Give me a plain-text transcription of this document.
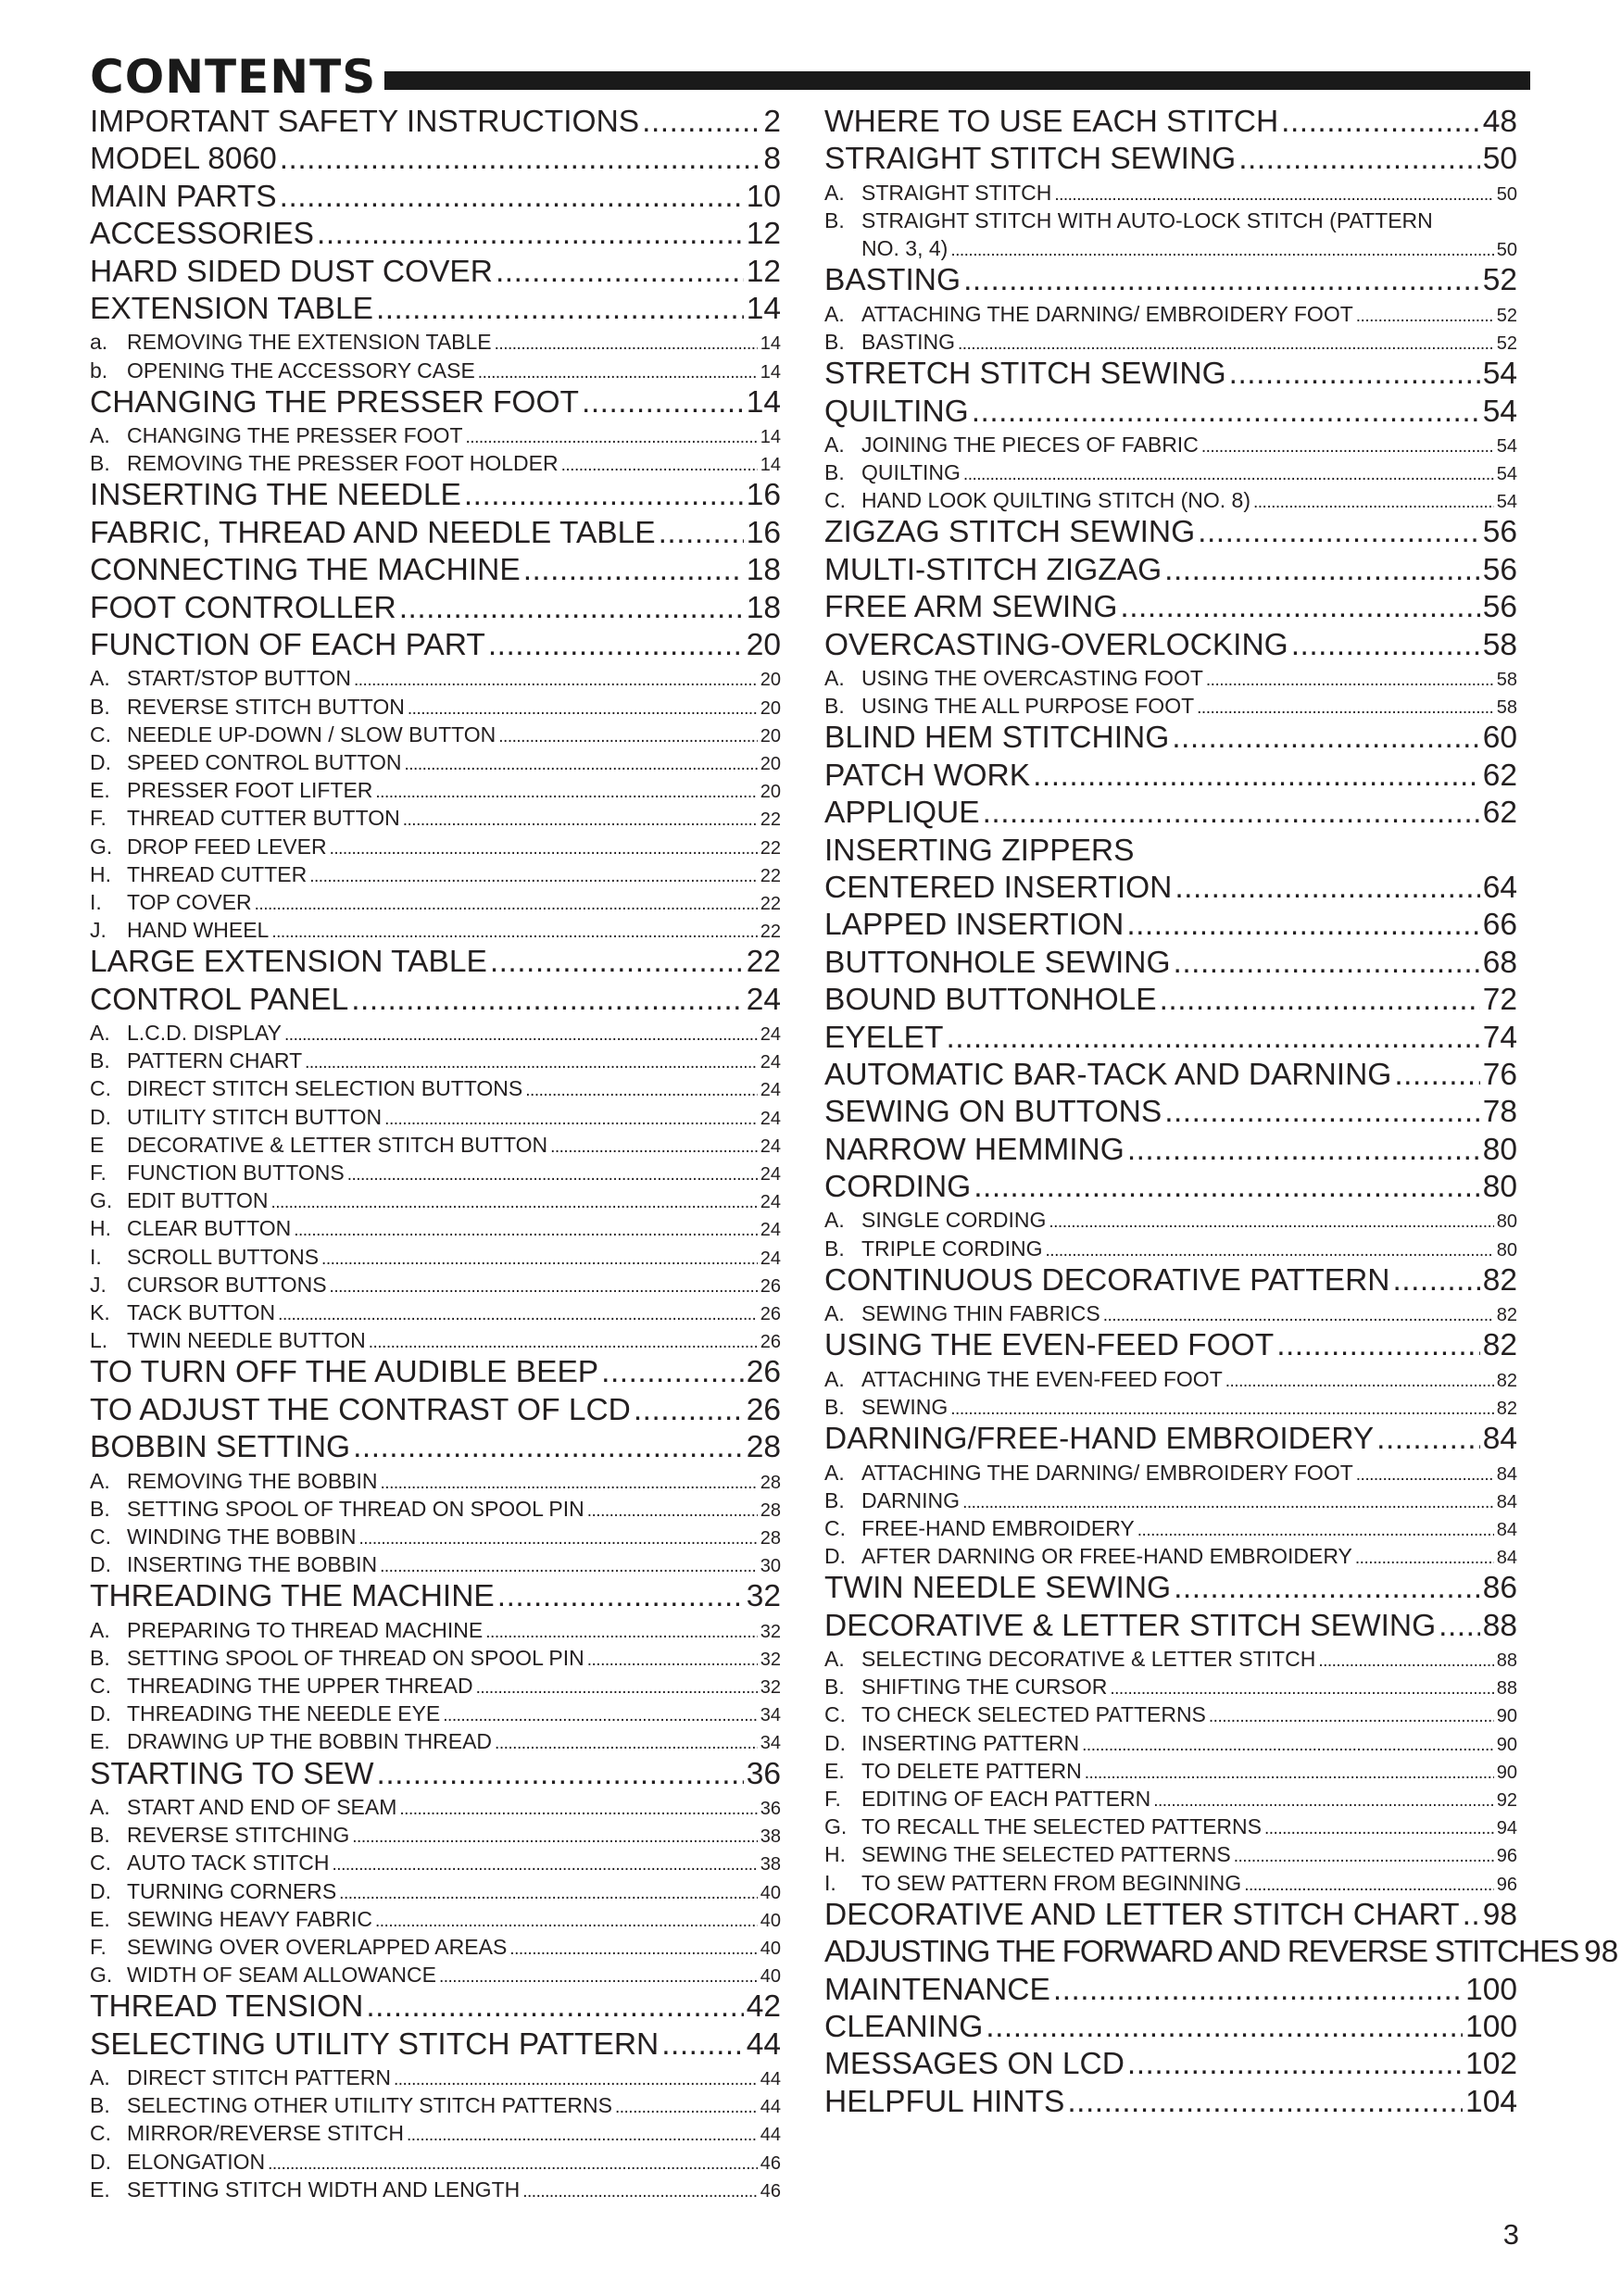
CONTENTS
IMPORTANT SAFETY INSTRUCTIONS .....	2
MODEL 8060 .....	8
MAIN PARTS .....	10
ACCESSORIES .....	12
HARD SIDED DUST COVER .....	12
EXTENSION TABLE .....	14
a. REMOVING THE EXTENSION TABLE .....	14
b. OPENING THE ACCESSORY CASE .....	14
CHANGING THE PRESSER FOOT .....	14
A. CHANGING THE PRESSER FOOT .....	14
B. REMOVING THE PRESSER FOOT HOLDER .....	14
INSERTING THE NEEDLE .....	16
FABRIC, THREAD AND NEEDLE TABLE .....	16
CONNECTING THE MACHINE .....	18
FOOT CONTROLLER .....	18
FUNCTION OF EACH PART .....	20
A. START/STOP BUTTON .....	20
B. REVERSE STITCH BUTTON .....	20
C. NEEDLE UP-DOWN / SLOW BUTTON .....	20
D. SPEED CONTROL BUTTON .....	20
E. PRESSER FOOT LIFTER .....	20
F. THREAD CUTTER BUTTON .....	22
G. DROP FEED LEVER .....	22
H. THREAD CUTTER .....	22
I.	TOP COVER .....	22
J. HAND WHEEL .....	22
LARGE EXTENSION TABLE .....	22
CONTROL PANEL .....	24
A. L.C.D. DISPLAY .....	24
B. PATTERN CHART .....	24
C. DIRECT STITCH SELECTION BUTTONS .....	24
D. UTILITY STITCH BUTTON .....	24
E	DECORATIVE & LETTER STITCH BUTTON .....	24
F. FUNCTION BUTTONS .....	24
G. EDIT BUTTON .....	24
H. CLEAR BUTTON .....	24
I.	SCROLL BUTTONS .....	24
J. CURSOR BUTTONS .....	26
K. TACK BUTTON .....	26
L. TWIN NEEDLE BUTTON .....	26
TO TURN OFF THE AUDIBLE BEEP .....	26
TO ADJUST THE CONTRAST OF LCD .....	26
BOBBIN SETTING .....	28
A. REMOVING THE BOBBIN .....	28
B. SETTING SPOOL OF THREAD ON SPOOL PIN .....	28
C. WINDING THE BOBBIN .....	28
D. INSERTING THE BOBBIN .....	30
THREADING THE MACHINE .....	32
A. PREPARING TO THREAD MACHINE .....	32
B. SETTING SPOOL OF THREAD ON SPOOL PIN .....	32
C. THREADING THE UPPER THREAD .....	32
D. THREADING THE NEEDLE EYE .....	34
E. DRAWING UP THE BOBBIN THREAD .....	34
STARTING TO SEW .....	36
A. START AND END OF SEAM .....	36
B. REVERSE STITCHING .....	38
C. AUTO TACK STITCH .....	38
D. TURNING CORNERS .....	40
E. SEWING HEAVY FABRIC .....	40
F. SEWING OVER OVERLAPPED AREAS .....	40
G. WIDTH OF SEAM ALLOWANCE .....	40
THREAD TENSION .....	42
SELECTING UTILITY STITCH PATTERN .....	44
A. DIRECT STITCH PATTERN .....	44
B. SELECTING OTHER UTILITY STITCH PATTERNS .....	44
C. MIRROR/REVERSE STITCH .....	44
D. ELONGATION .....	46
E. SETTING STITCH WIDTH AND LENGTH .....	46
WHERE TO USE EACH STITCH .....	48
STRAIGHT STITCH SEWING .....	50
A. STRAIGHT STITCH .....	50
B. STRAIGHT STITCH WITH AUTO-LOCK STITCH (PATTERN
NO. 3, 4) .....	50
BASTING .....	52
A. ATTACHING THE DARNING/ EMBROIDERY FOOT .....	52
B. BASTING .....	52
STRETCH STITCH SEWING .....	54
QUILTING .....	54
A. JOINING THE PIECES OF FABRIC .....	54
B. QUILTING .....	54
C. HAND LOOK QUILTING STITCH (NO. 8) .....	54
ZIGZAG STITCH SEWING .....	56
MULTI-STITCH ZIGZAG .....	56
FREE ARM SEWING .....	56
OVERCASTING-OVERLOCKING .....	58
A. USING THE OVERCASTING FOOT .....	58
B. USING THE ALL PURPOSE FOOT .....	58
BLIND HEM STITCHING .....	60
PATCH WORK .....	62
APPLIQUE .....	62
INSERTING ZIPPERS
CENTERED INSERTION .....	64
LAPPED INSERTION .....	66
BUTTONHOLE SEWING .....	68
BOUND BUTTONHOLE .....	72
EYELET .....	74
AUTOMATIC BAR-TACK AND DARNING .....	76
SEWING ON BUTTONS .....	78
NARROW HEMMING .....	80
CORDING .....	80
A. SINGLE CORDING .....	80
B. TRIPLE CORDING .....	80
CONTINUOUS DECORATIVE PATTERN .....	82
A. SEWING THIN FABRICS .....	82
USING THE EVEN-FEED FOOT .....	82
A. ATTACHING THE EVEN-FEED FOOT .....	82
B. SEWING .....	82
DARNING/FREE-HAND EMBROIDERY .....	84
A. ATTACHING THE DARNING/ EMBROIDERY FOOT .....	84
B. DARNING .....	84
C. FREE-HAND EMBROIDERY .....	84
D. AFTER DARNING OR FREE-HAND EMBROIDERY .....	84
TWIN NEEDLE SEWING .....	86
DECORATIVE & LETTER STITCH SEWING ..... 88
A. SELECTING DECORATIVE & LETTER STITCH .....	88
B. SHIFTING THE CURSOR .....	88
C. TO CHECK SELECTED PATTERNS .....	90
D. INSERTING PATTERN .....	90
E. TO DELETE PATTERN .....	90
F. EDITING OF EACH PATTERN .....	92
G. TO RECALL THE SELECTED PATTERNS .....	94
H. SEWING THE SELECTED PATTERNS .....	96
I.	TO SEW PATTERN FROM BEGINNING .....	96
DECORATIVE AND LETTER STITCH CHART ..... 98
ADJUSTING THE FORWARD AND REVERSE STITCHES 98
MAINTENANCE .....	100
CLEANING .....	100
MESSAGES ON LCD .....	102
HELPFUL HINTS .....	104
3
